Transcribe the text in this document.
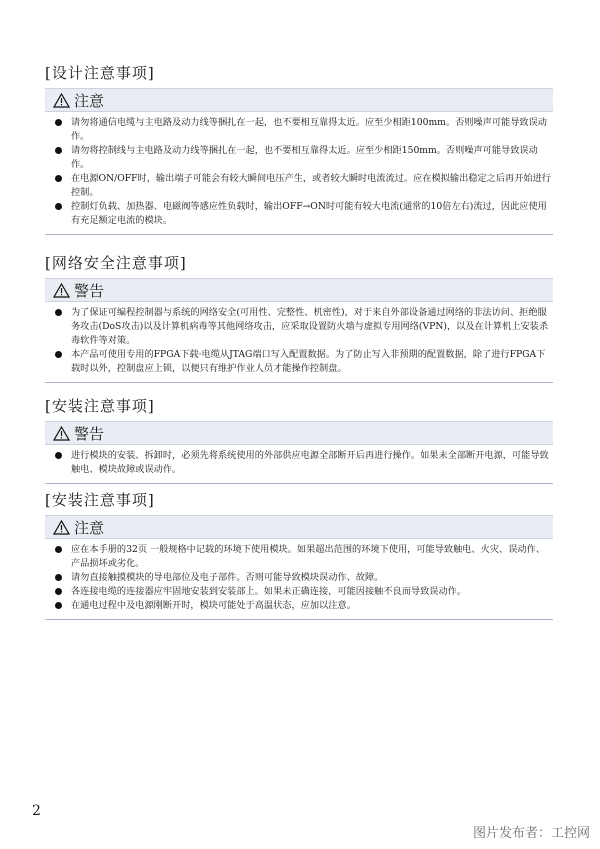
[设计注意事项]
注意
请勿将通信电缆与主电路及动力线等捆扎在一起，也不要相互靠得太近。应至少相距100mm。否则噪声可能导致误动作。
请勿将控制线与主电路及动力线等捆扎在一起，也不要相互靠得太近。应至少相距150mm。否则噪声可能导致误动作。
在电源ON/OFF时，输出端子可能会有较大瞬间电压产生，或者较大瞬时电流流过。应在模拟输出稳定之后再开始进行控制。
控制灯负载、加热器、电磁阀等感应性负载时，输出OFF→ON时可能有较大电流(通常的10倍左右)流过，因此应使用有充足额定电流的模块。
[网络安全注意事项]
警告
为了保证可编程控制器与系统的网络安全(可用性、完整性、机密性)，对于来自外部设备通过网络的非法访问、拒绝服务攻击(DoS攻击)以及计算机病毒等其他网络攻击，应采取设置防火墙与虚拟专用网络(VPN)，以及在计算机上安装杀毒软件等对策。
本产品可使用专用的FPGA下载·电缆从JTAG端口写入配置数据。为了防止写入非预期的配置数据，除了进行FPGA下载时以外，控制盘应上锁，以便只有维护作业人员才能操作控制盘。
[安装注意事项]
警告
进行模块的安装、拆卸时，必须先将系统使用的外部供应电源全部断开后再进行操作。如果未全部断开电源，可能导致触电、模块故障或误动作。
[安装注意事项]
注意
应在本手册的32页 一般规格中记载的环境下使用模块。如果超出范围的环境下使用，可能导致触电、火灾、误动作、产品损坏或劣化。
请勿直接触摸模块的导电部位及电子部件。否则可能导致模块误动作、故障。
各连接电缆的连接器应牢固地安装到安装部上。如果未正确连接，可能因接触不良而导致误动作。
在通电过程中及电源刚断开时，模块可能处于高温状态，应加以注意。
2
图片发布者：工控网
